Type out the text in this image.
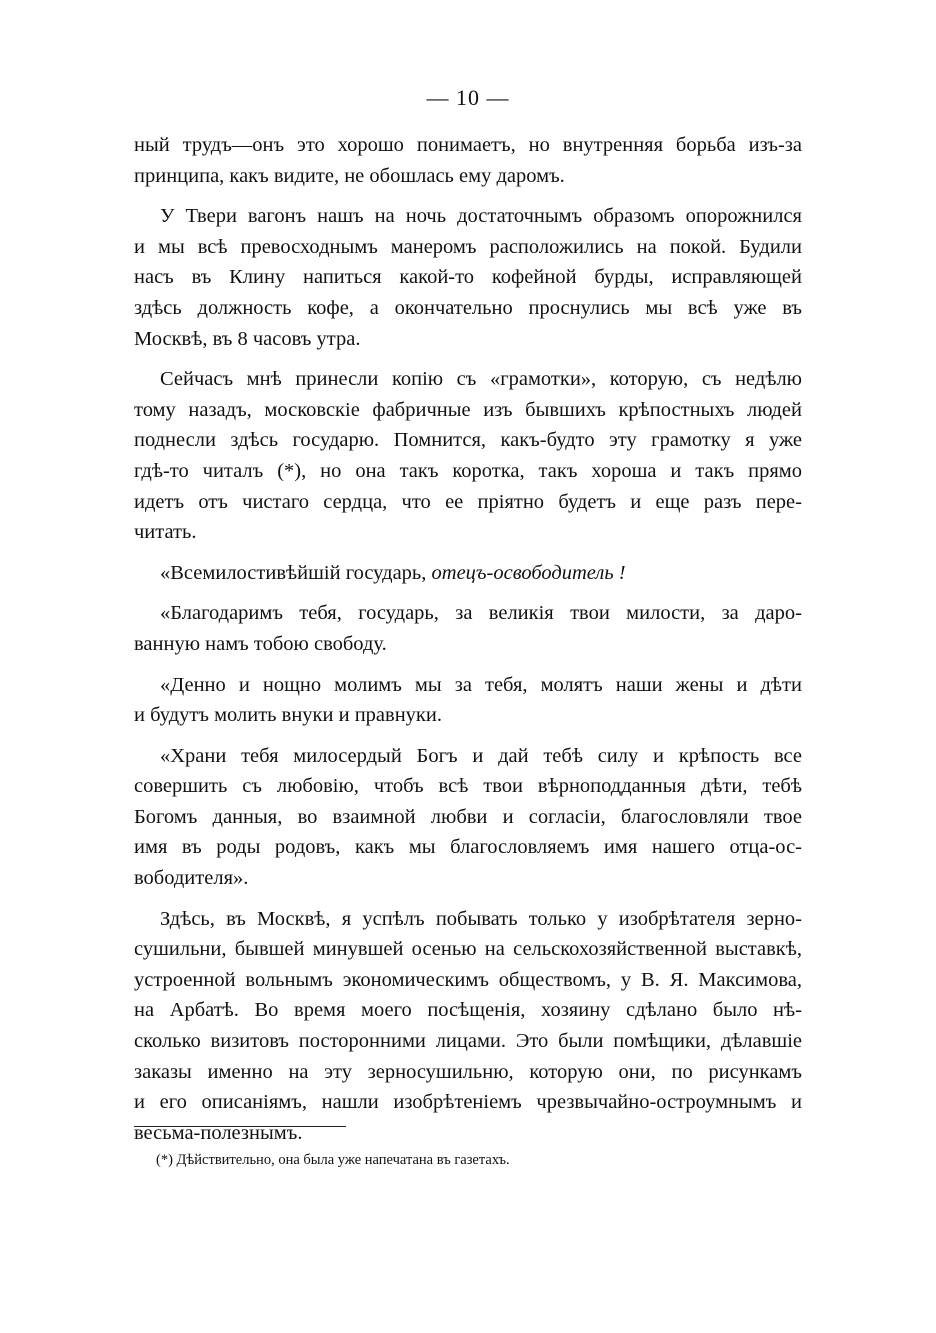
— 10 —
ный трудъ—онъ это хорошо понимаетъ, но внутренняя борьба изъ-за
принципа, какъ видите, не обошлась ему даромъ.
У Твери вагонъ нашъ на ночь достаточнымъ образомъ опорожнился
и мы всѣ превосходнымъ манеромъ расположились на покой. Будили
насъ въ Клину напиться какой-то кофейной бурды, исправляющей
здѣсь должность кофе, а окончательно проснулись мы всѣ уже въ
Москвѣ, въ 8 часовъ утра.
Сейчасъ мнѣ принесли копію съ «грамотки», которую, съ недѣлю
тому назадъ, московскіе фабричные изъ бывшихъ крѣпостныхъ людей
поднесли здѣсь государю. Помнится, какъ-будто эту грамотку я уже
гдѣ-то читалъ (*), но она такъ коротка, такъ хороша и такъ прямо
идетъ отъ чистаго сердца, что ее пріятно будетъ и еще разъ пере-
читать.
«Всемилостивѣйшій государь, отецъ-освободитель !
«Благодаримъ тебя, государь, за великія твои милости, за даро-
ванную намъ тобою свободу.
«Денно и нощно молимъ мы за тебя, молятъ наши жены и дѣти
и будутъ молить внуки и правнуки.
«Храни тебя милосердый Богъ и дай тебѣ силу и крѣпость все
совершить съ любовію, чтобъ всѣ твои вѣрноподданныя дѣти, тебѣ
Богомъ данныя, во взаимной любви и согласіи, благословляли твое
имя въ роды родовъ, какъ мы благословляемъ имя нашего отца-ос-
вободителя».
Здѣсь, въ Москвѣ, я успѣлъ побывать только у изобрѣтателя зерно-
сушильни, бывшей минувшей осенью на сельскохозяйственной выставкѣ,
устроенной вольнымъ экономическимъ обществомъ, у В. Я. Максимова,
на Арбатѣ. Во время моего посѣщенія, хозяину сдѣлано было нѣ-
сколько визитовъ посторонними лицами. Это были помѣщики, дѣлавшіе
заказы именно на эту зерносушильню, которую они, по рисункамъ
и его описаніямъ, нашли изобрѣтеніемъ чрезвычайно-остроумнымъ и
весьма-полезнымъ.
(*) Дѣйствительно, она была уже напечатана въ газетахъ.
